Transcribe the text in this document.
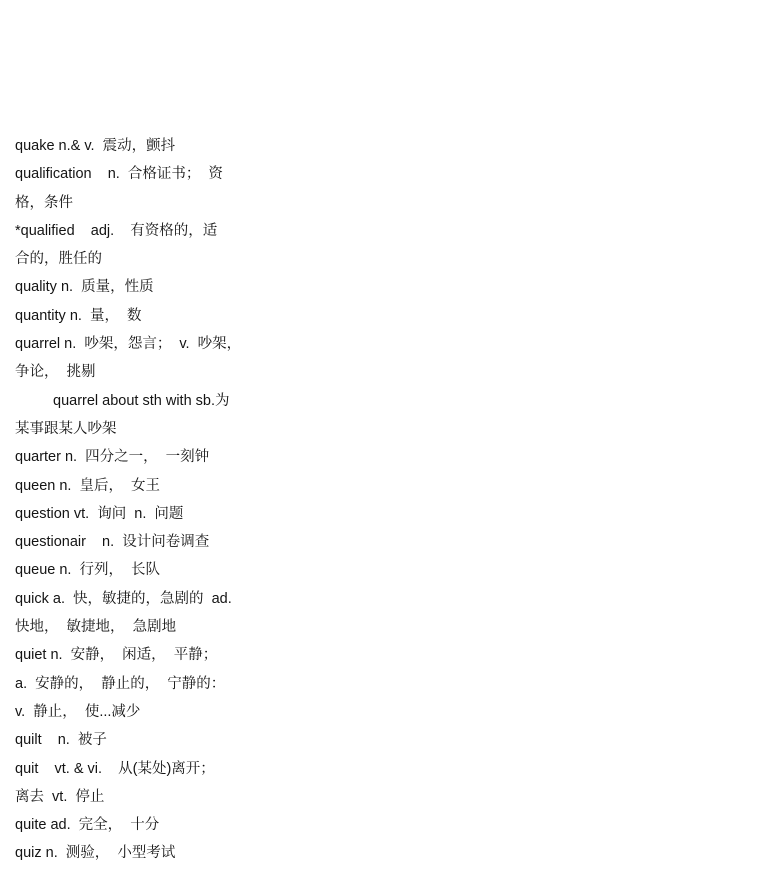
quake n.& v.  震动，颤抖
qualification    n.  合格证书；  资
格，条件
*qualified    adj.    有资格的，适
合的，胜任的
quality n.  质量，性质
quantity n.  量，  数
quarrel n.  吵架，怨言；  v.  吵架，
争论，  挑剔
quarrel about sth with sb.为
某事跟某人吵架
quarter n.  四分之一，  一刻钟
queen n.  皇后，  女王
question vt.  询问  n.  问题
questionair    n.  设计问卷调查
queue n.  行列，  长队
quick a.  快，敏捷的，急剧的  ad.
快地，  敏捷地，  急剧地
quiet n.  安静，  闲适，  平静；
a.  安静的，  静止的，  宁静的：
v.  静止，  使...减少
quilt    n.  被子
quit    vt. & vi.    从(某处)离开；
离去  vt.  停止
quite ad.  完全，  十分
quiz n.  测验，  小型考试
